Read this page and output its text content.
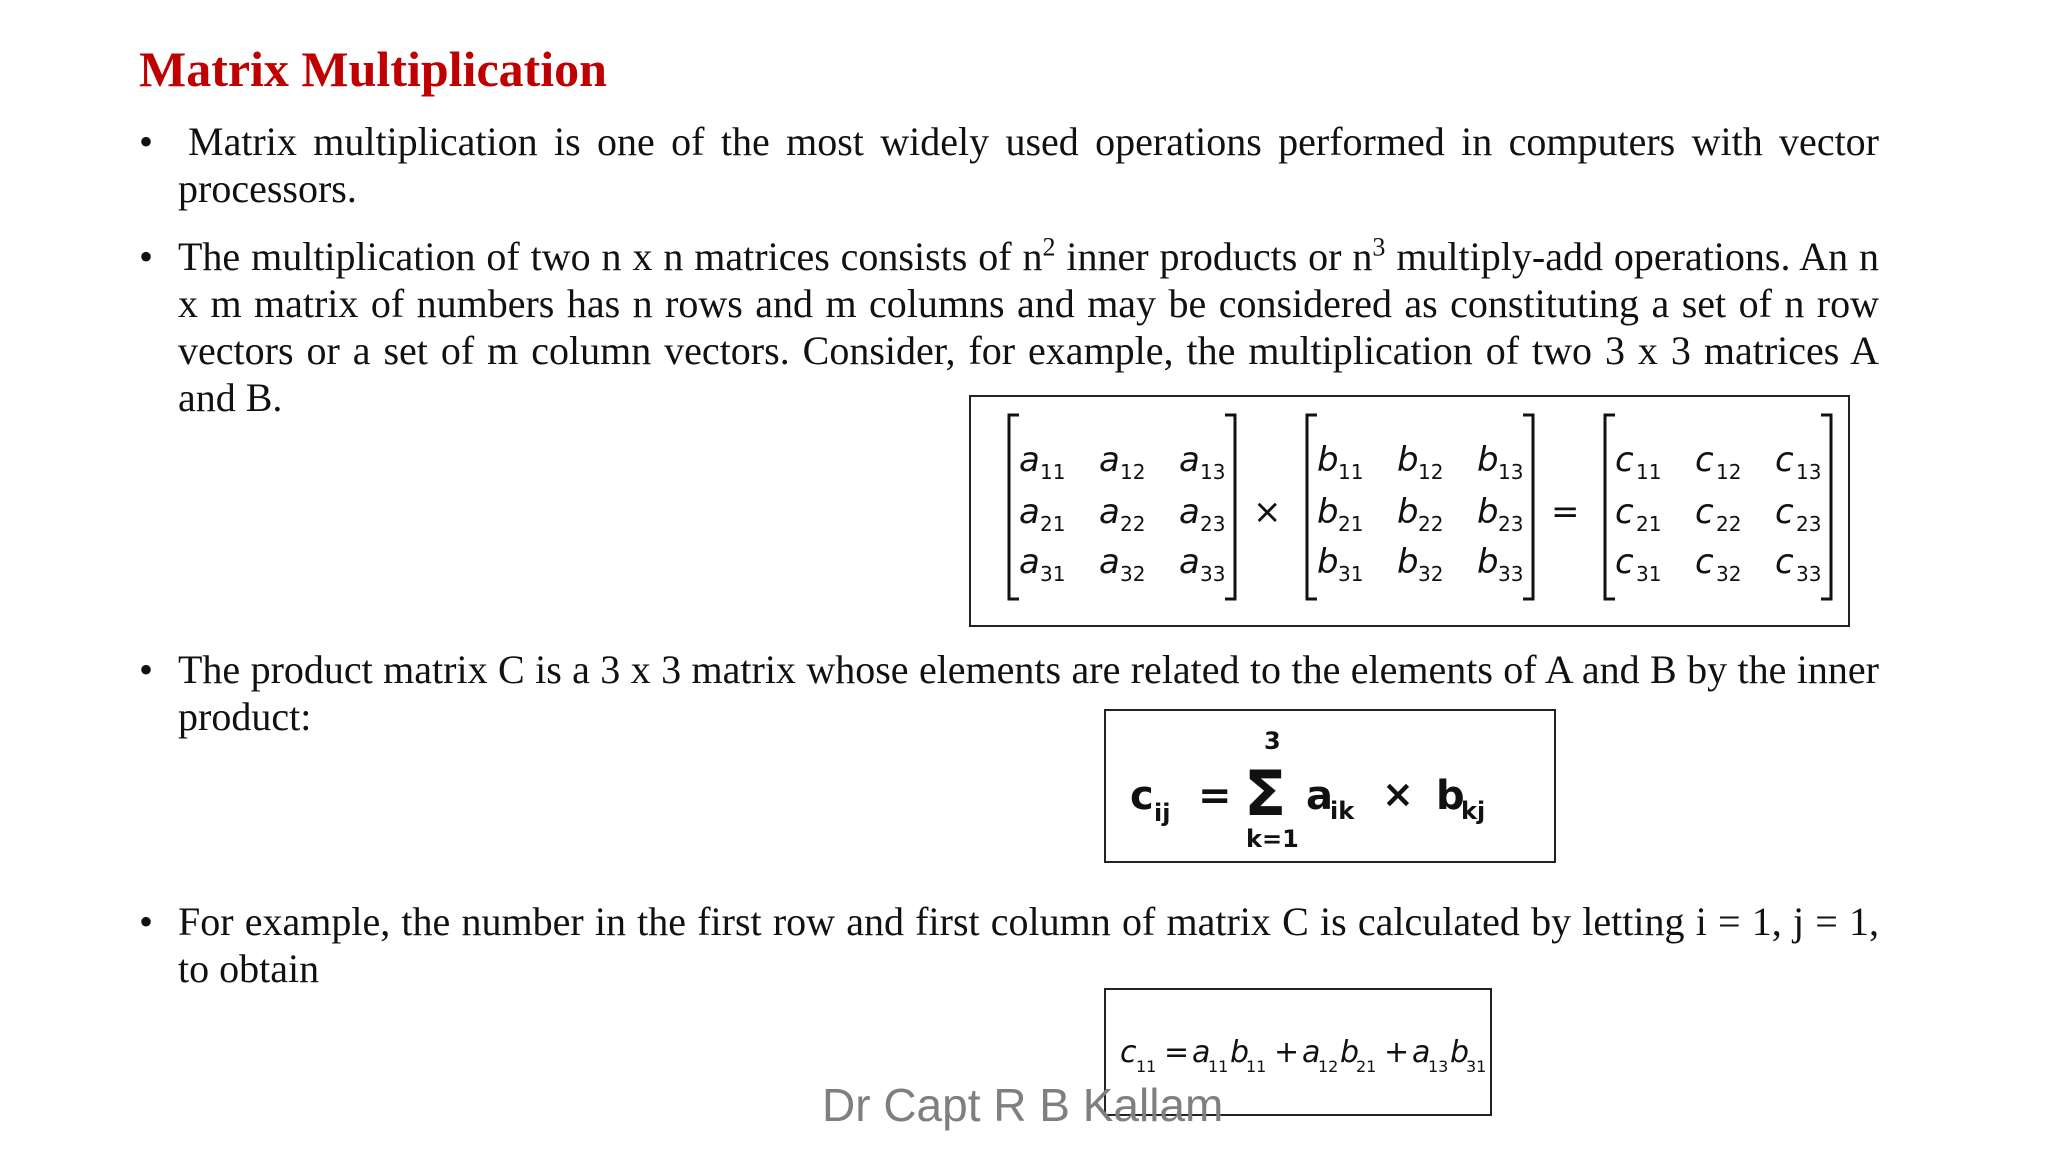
Matrix Multiplication
• Matrix multiplication is one of the most widely used operations performed in computers with vector processors.

• The multiplication of two n x n matrices consists of $n^2$ inner products or $n^3$ multiply-add operations. An n x m matrix of numbers has n rows and m columns and may be considered as constituting a set of n row vectors or a set of m column vectors. Consider, for example, the multiplication of two 3 x 3 matrices A and B.

a 11 a 12 a 13
a 21 a 22 a 23
a 31 a 32 a 33
b 11 b 12 b 13
b 21 b 22 b 23
b 31 b 32 b 33
c 11 c 12 c 13
c 21 c 22 c 23
c 31 c 32 c 33
×	=
• The product matrix C is a 3 x 3 matrix whose elements are related to the elements of A and B by the inner product:

c ij =
3
Σ
k=1
a
ik × b
kj
• For example, the number in the first row and first column of matrix C is calculated by letting i = 1, j = 1, to obtain

c 11 = a
11 b
11 + a
12 b
21 + a
13 b
31

Dr Capt R B Kallam
